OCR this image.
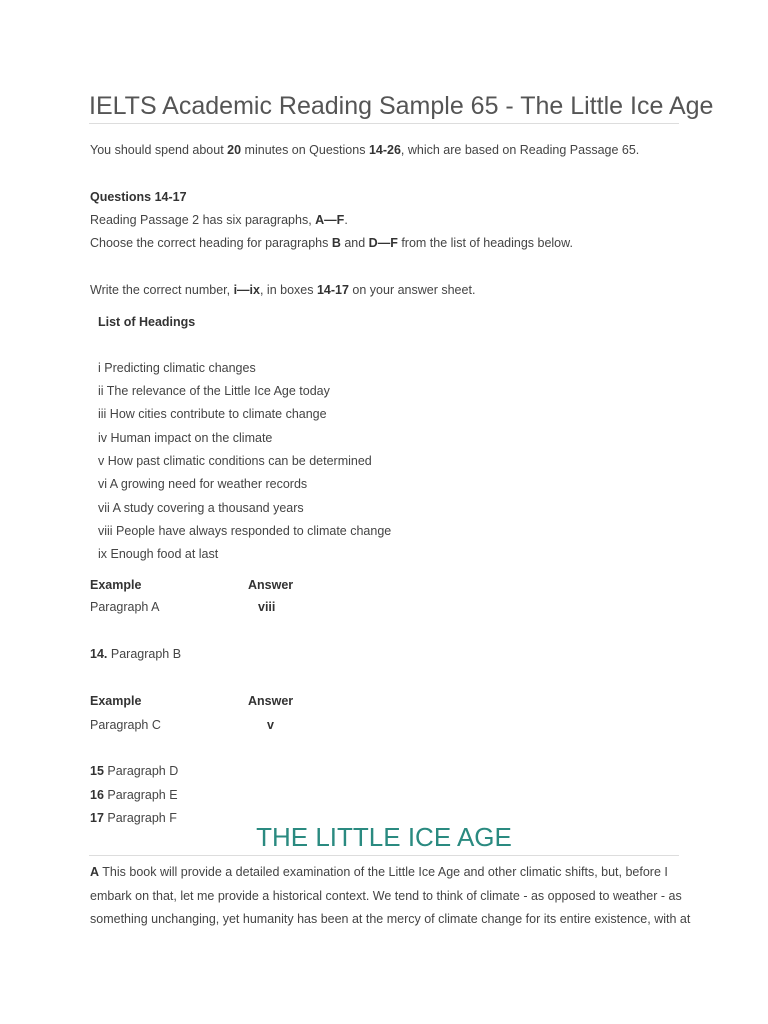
IELTS Academic Reading Sample 65 - The Little Ice Age
You should spend about 20 minutes on Questions 14-26, which are based on Reading Passage 65.
Questions 14-17
Reading Passage 2 has six paragraphs, A—F.
Choose the correct heading for paragraphs B and D—F from the list of headings below.
Write the correct number, i—ix, in boxes 14-17 on your answer sheet.
List of Headings
i Predicting climatic changes
ii The relevance of the Little Ice Age today
iii How cities contribute to climate change
iv Human impact on the climate
v How past climatic conditions can be determined
vi A growing need for weather records
vii A study covering a thousand years
viii People have always responded to climate change
ix Enough food at last
Example	Answer
Paragraph A	viii
14. Paragraph B
Example	Answer
Paragraph C	v
15 Paragraph D
16 Paragraph E
17 Paragraph F
THE LITTLE ICE AGE
A This book will provide a detailed examination of the Little Ice Age and other climatic shifts, but, before I
embark on that, let me provide a historical context. We tend to think of climate - as opposed to weather - as
something unchanging, yet humanity has been at the mercy of climate change for its entire existence, with at
